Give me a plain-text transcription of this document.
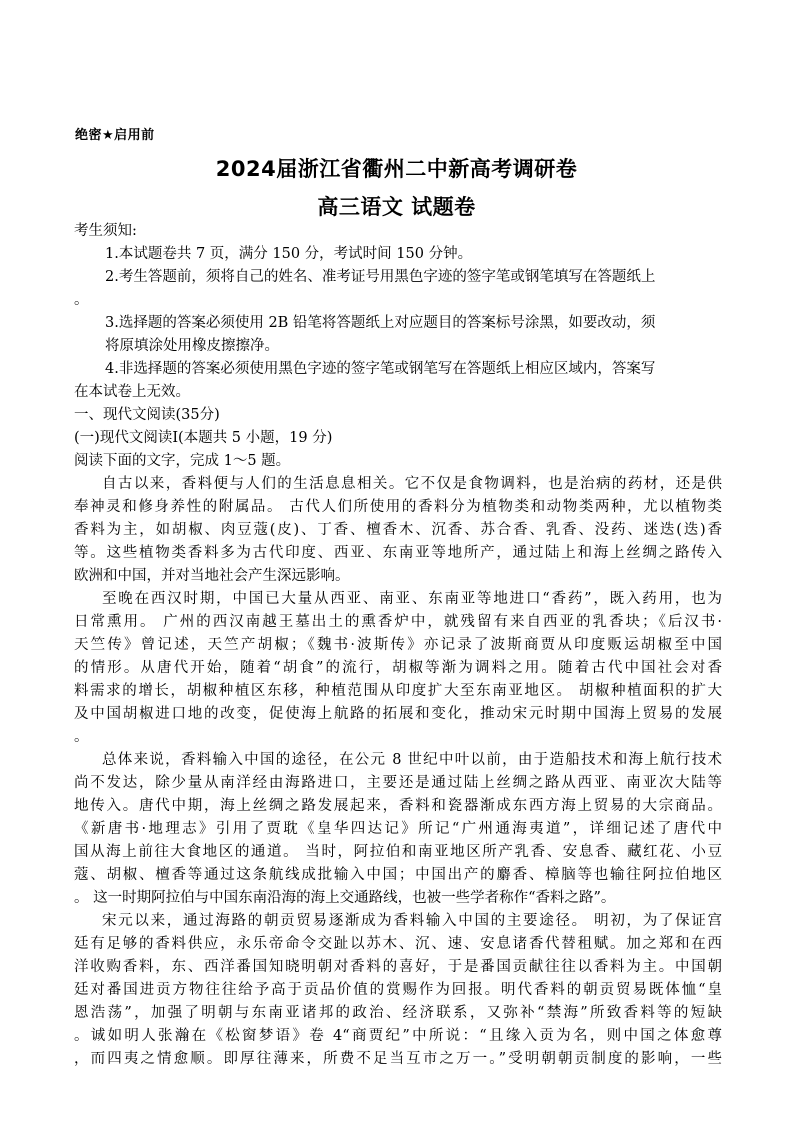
绝密★启用前
2024届浙江省衢州二中新高考调研卷
高三语文 试题卷
考生须知:
1.本试题卷共 7 页，满分 150 分，考试时间 150 分钟。
2.考生答题前，须将自己的姓名、准考证号用黑色字迹的签字笔或钢笔填写在答题纸上
。
3.选择题的答案必须使用 2B 铅笔将答题纸上对应题目的答案标号涂黑，如要改动，须
将原填涂处用橡皮擦擦净。
4.非选择题的答案必须使用黑色字迹的签字笔或钢笔写在答题纸上相应区域内，答案写
在本试卷上无效。
一、现代文阅读(35分)
(一)现代文阅读Ⅰ(本题共 5 小题，19 分)
阅读下面的文字，完成 1～5 题。
自古以来，香料便与人们的生活息息相关。它不仅是食物调料，也是治病的药材，还是供
奉神灵和修身养性的附属品。 古代人们所使用的香料分为植物类和动物类两种，尤以植物类
香料为主，如胡椒、肉豆蔻(皮)、丁香、檀香木、沉香、苏合香、乳香、没药、迷迭(迭)香
等。这些植物类香料多为古代印度、西亚、东南亚等地所产，通过陆上和海上丝绸之路传入
欧洲和中国，并对当地社会产生深远影响。
至晚在西汉时期，中国已大量从西亚、南亚、东南亚等地进口“香药”，既入药用，也为
日常熏用。 广州的西汉南越王墓出土的熏香炉中，就残留有来自西亚的乳香块；《后汉书·
天竺传》曾记述，天竺产胡椒；《魏书·波斯传》亦记录了波斯商贾从印度贩运胡椒至中国
的情形。从唐代开始，随着“胡食”的流行，胡椒等渐为调料之用。随着古代中国社会对香
料需求的增长，胡椒种植区东移，种植范围从印度扩大至东南亚地区。 胡椒种植面积的扩大
及中国胡椒进口地的改变，促使海上航路的拓展和变化，推动宋元时期中国海上贸易的发展
。
总体来说，香料输入中国的途径，在公元 8 世纪中叶以前，由于造船技术和海上航行技术
尚不发达，除少量从南洋经由海路进口，主要还是通过陆上丝绸之路从西亚、南亚次大陆等
地传入。唐代中期，海上丝绸之路发展起来，香料和瓷器渐成东西方海上贸易的大宗商品。
《新唐书·地理志》引用了贾耽《皇华四达记》所记“广州通海夷道”，详细记述了唐代中
国从海上前往大食地区的通道。 当时，阿拉伯和南亚地区所产乳香、安息香、藏红花、小豆
蔻、胡椒、檀香等通过这条航线成批输入中国；中国出产的麝香、樟脑等也输往阿拉伯地区
。 这一时期阿拉伯与中国东南沿海的海上交通路线，也被一些学者称作“香料之路”。
宋元以来，通过海路的朝贡贸易逐渐成为香料输入中国的主要途径。 明初，为了保证宫
廷有足够的香料供应，永乐帝命令交趾以苏木、沉、速、安息诸香代替租赋。加之郑和在西
洋收购香料，东、西洋番国知晓明朝对香料的喜好，于是番国贡献往往以香料为主。中国朝
廷对番国进贡方物往往给予高于贡品价值的赏赐作为回报。明代香料的朝贡贸易既体恤“皇
恩浩荡”，加强了明朝与东南亚诸邦的政治、经济联系，又弥补“禁海”所致香料等的短缺
。诚如明人张瀚在《松窗梦语》卷 4“商贾纪”中所说：“且缘入贡为名，则中国之体愈尊
，而四夷之情愈顺。即厚往薄来，所费不足当互市之万一。”受明朝朝贡制度的影响，一些
